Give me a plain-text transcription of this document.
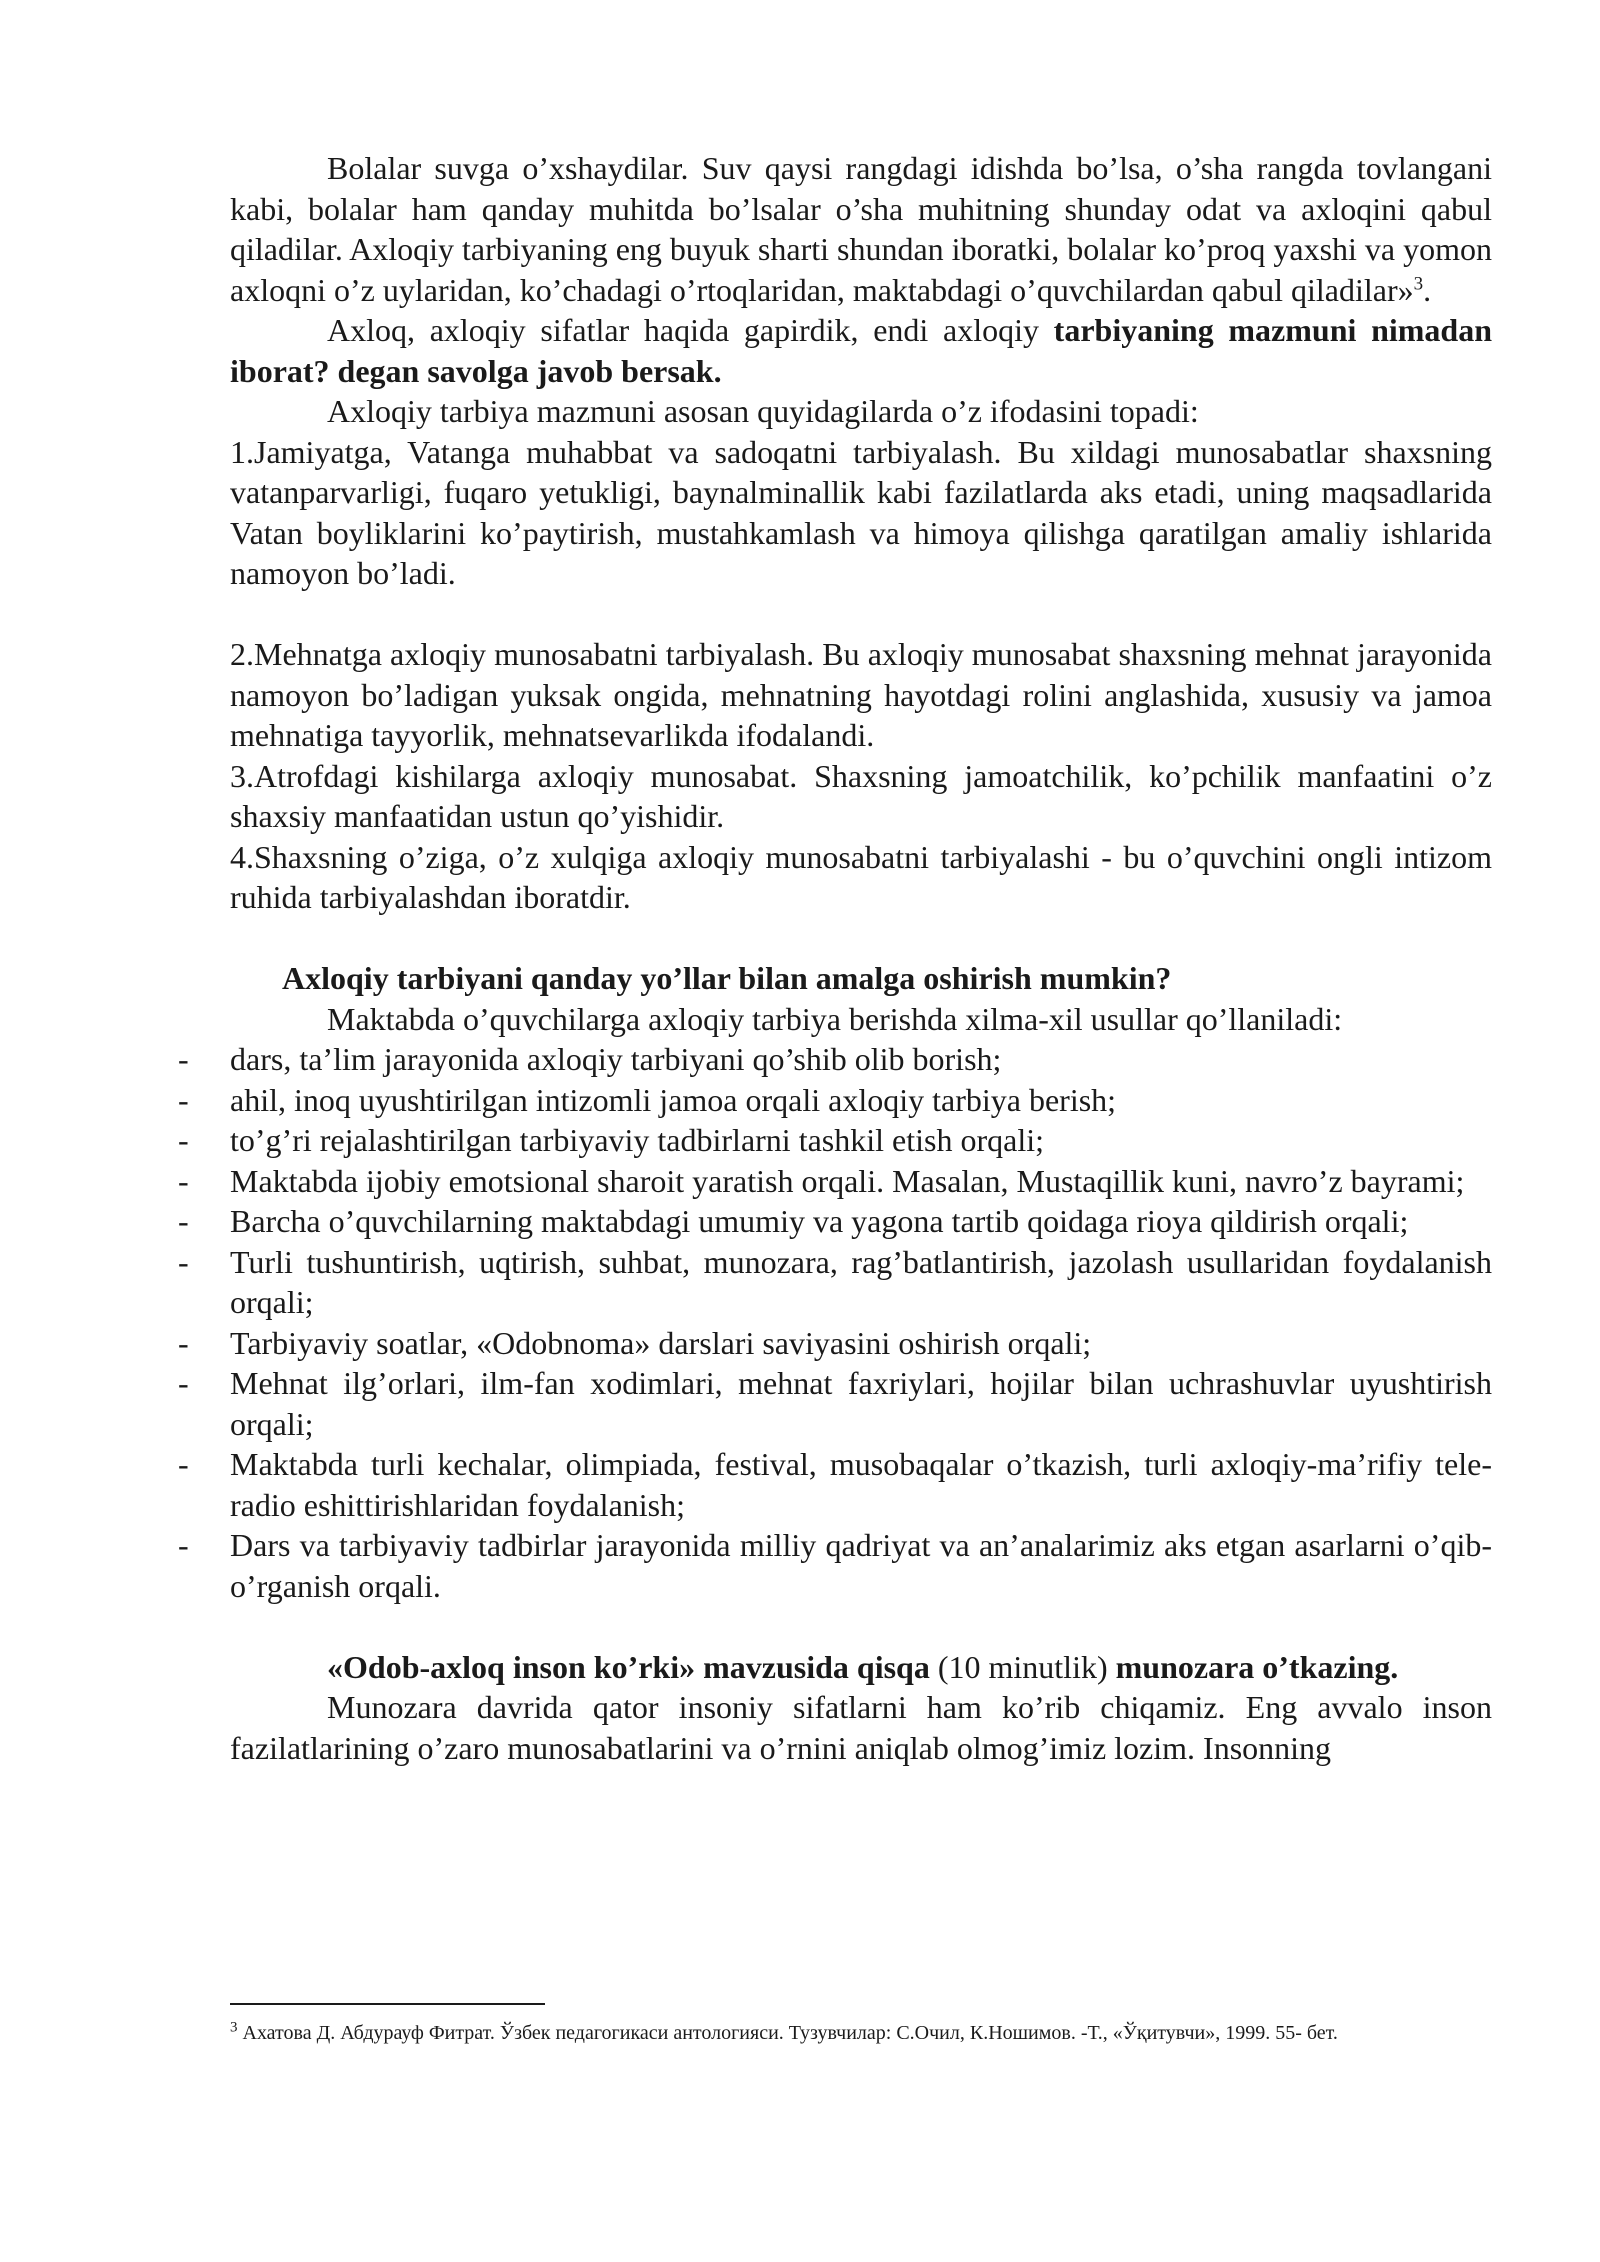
Bolalar suvga o’xshaydilar. Suv qaysi rangdagi idishda bo’lsa, o’sha rangda tovlangani kabi, bolalar ham qanday muhitda bo’lsalar o’sha muhitning shunday odat va axloqini qabul qiladilar. Axloqiy tarbiyaning eng buyuk sharti shundan iboratki, bolalar ko’proq yaxshi va yomon axloqni o’z uylaridan, ko’chadagi o’rtoqlaridan, maktabdagi o’quvchilardan qabul qiladilar»$^3$.

Axloq, axloqiy sifatlar haqida gapirdik, endi axloqiy tarbiyaning mazmuni nimadan iborat? degan savolga javob bersak.

Axloqiy tarbiya mazmuni asosan quyidagilarda o’z ifodasini topadi:

1.Jamiyatga, Vatanga muhabbat va sadoqatni tarbiyalash. Bu xildagi munosabatlar shaxsning vatanparvarligi, fuqaro yetukligi, baynalminallik kabi fazilatlarda aks etadi, uning maqsadlarida Vatan boyliklarini ko’paytirish, mustahkamlash va himoya qilishga qaratilgan amaliy ishlarida namoyon bo’ladi.

2.Mehnatga axloqiy munosabatni tarbiyalash. Bu axloqiy munosabat shaxsning mehnat jarayonida namoyon bo’ladigan yuksak ongida, mehnatning hayotdagi rolini anglashida, xususiy va jamoa mehnatiga tayyorlik, mehnatsevarlikda ifodalandi.

3.Atrofdagi kishilarga axloqiy munosabat. Shaxsning jamoatchilik, ko’pchilik manfaatini o’z shaxsiy manfaatidan ustun qo’yishidir.

4.Shaxsning o’ziga, o’z xulqiga axloqiy munosabatni tarbiyalashi - bu o’quvchini ongli intizom ruhida tarbiyalashdan iboratdir.

Axloqiy tarbiyani qanday yo’llar bilan amalga oshirish mumkin?

Maktabda o’quvchilarga axloqiy tarbiya berishda xilma-xil usullar qo’llaniladi:

- dars, ta’lim jarayonida axloqiy tarbiyani qo’shib olib borish;
- ahil, inoq uyushtirilgan intizomli jamoa orqali axloqiy tarbiya berish;
- to’g’ri rejalashtirilgan tarbiyaviy tadbirlarni tashkil etish orqali;
- Maktabda ijobiy emotsional sharoit yaratish orqali. Masalan, Mustaqillik kuni, navro’z bayrami;
- Barcha o’quvchilarning maktabdagi umumiy va yagona tartib qoidaga rioya qildirish orqali;
- Turli tushuntirish, uqtirish, suhbat, munozara, rag’batlantirish, jazolash usullaridan foydalanish orqali;
- Tarbiyaviy soatlar, «Odobnoma» darslari saviyasini oshirish orqali;
- Mehnat ilg’orlari, ilm-fan xodimlari, mehnat faxriylari, hojilar bilan uchrashuvlar uyushtirish orqali;
- Maktabda turli kechalar, olimpiada, festival, musobaqalar o’tkazish, turli axloqiy-ma’rifiy tele-radio eshittirishlaridan foydalanish;
- Dars va tarbiyaviy tadbirlar jarayonida milliy qadriyat va an’analarimiz aks etgan asarlarni o’qib-o’rganish orqali.

«Odob-axloq inson ko’rki» mavzusida qisqa (10 minutlik) munozara o’tkazing.

Munozara davrida qator insoniy sifatlarni ham ko’rib chiqamiz. Eng avvalo inson fazilatlarining o’zaro munosabatlarini va o’rnini aniqlab olmog’imiz lozim. Insonning

$^3$ Ахатова Д. Абдурауф Фитрат. Ўзбек педагогикаси антологияси. Тузувчилар: С.Очил, К.Ношимов. -Т., «Ўқитувчи», 1999. 55- бет.
